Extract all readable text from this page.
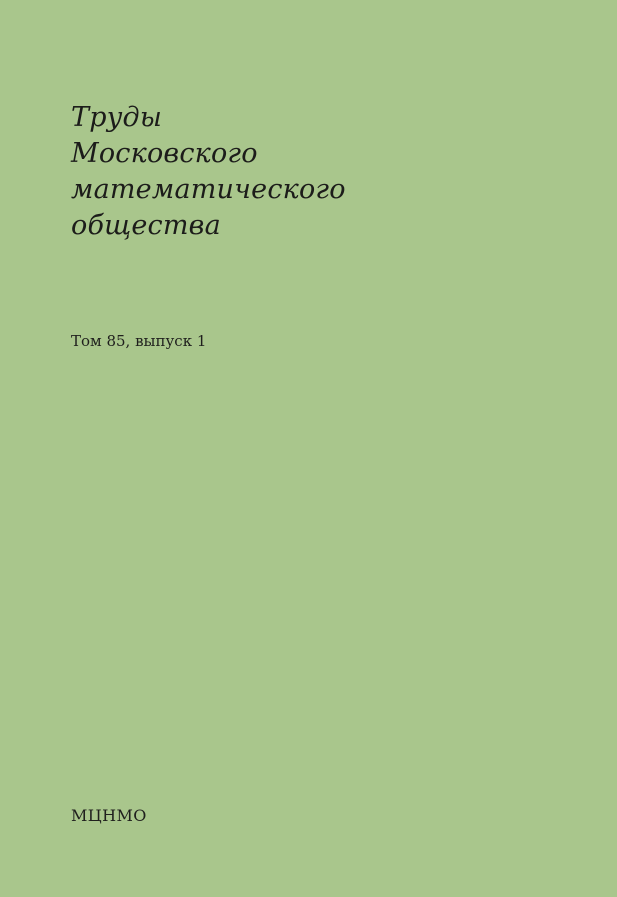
Труды
Московского
математического
общества
Том 85, выпуск 1
МЦНМО
